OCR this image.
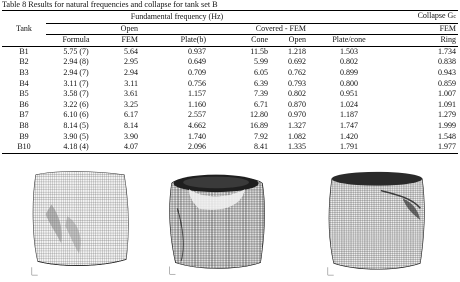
Table 8 Results for natural frequencies and collapse for tank set B
	Fundamental frequency (Hz)					Collapse Gc	
Tank	Open		Covered - FEM				FEM
	Formula	FEM	Plate(b)	Cone	Open	Plate/cone	Ring
B1	5.75 (7)	5.64	0.937	11.5b	1.218	1.503	1.734
B2	2.94 (8)	2.95	0.649	5.99	0.692	0.802	0.838
B3	2.94 (7)	2.94	0.709	6.05	0.762	0.899	0.943
B4	3.11 (7)	3.11	0.756	6.39	0.793	0.800	0.859
B5	3.58 (7)	3.61	1.157	7.39	0.802	0.951	1.007
B6	3.22 (6)	3.25	1.160	6.71	0.870	1.024	1.091
B7	6.10 (6)	6.17	2.557	12.80	0.970	1.187	1.279
B8	8.14 (5)	8.14	4.662	16.89	1.327	1.747	1.999
B9	3.90 (5)	3.90	1.740	7.92	1.082	1.420	1.548
B10	4.18 (4)	4.07	2.096	8.41	1.335	1.791	1.977
